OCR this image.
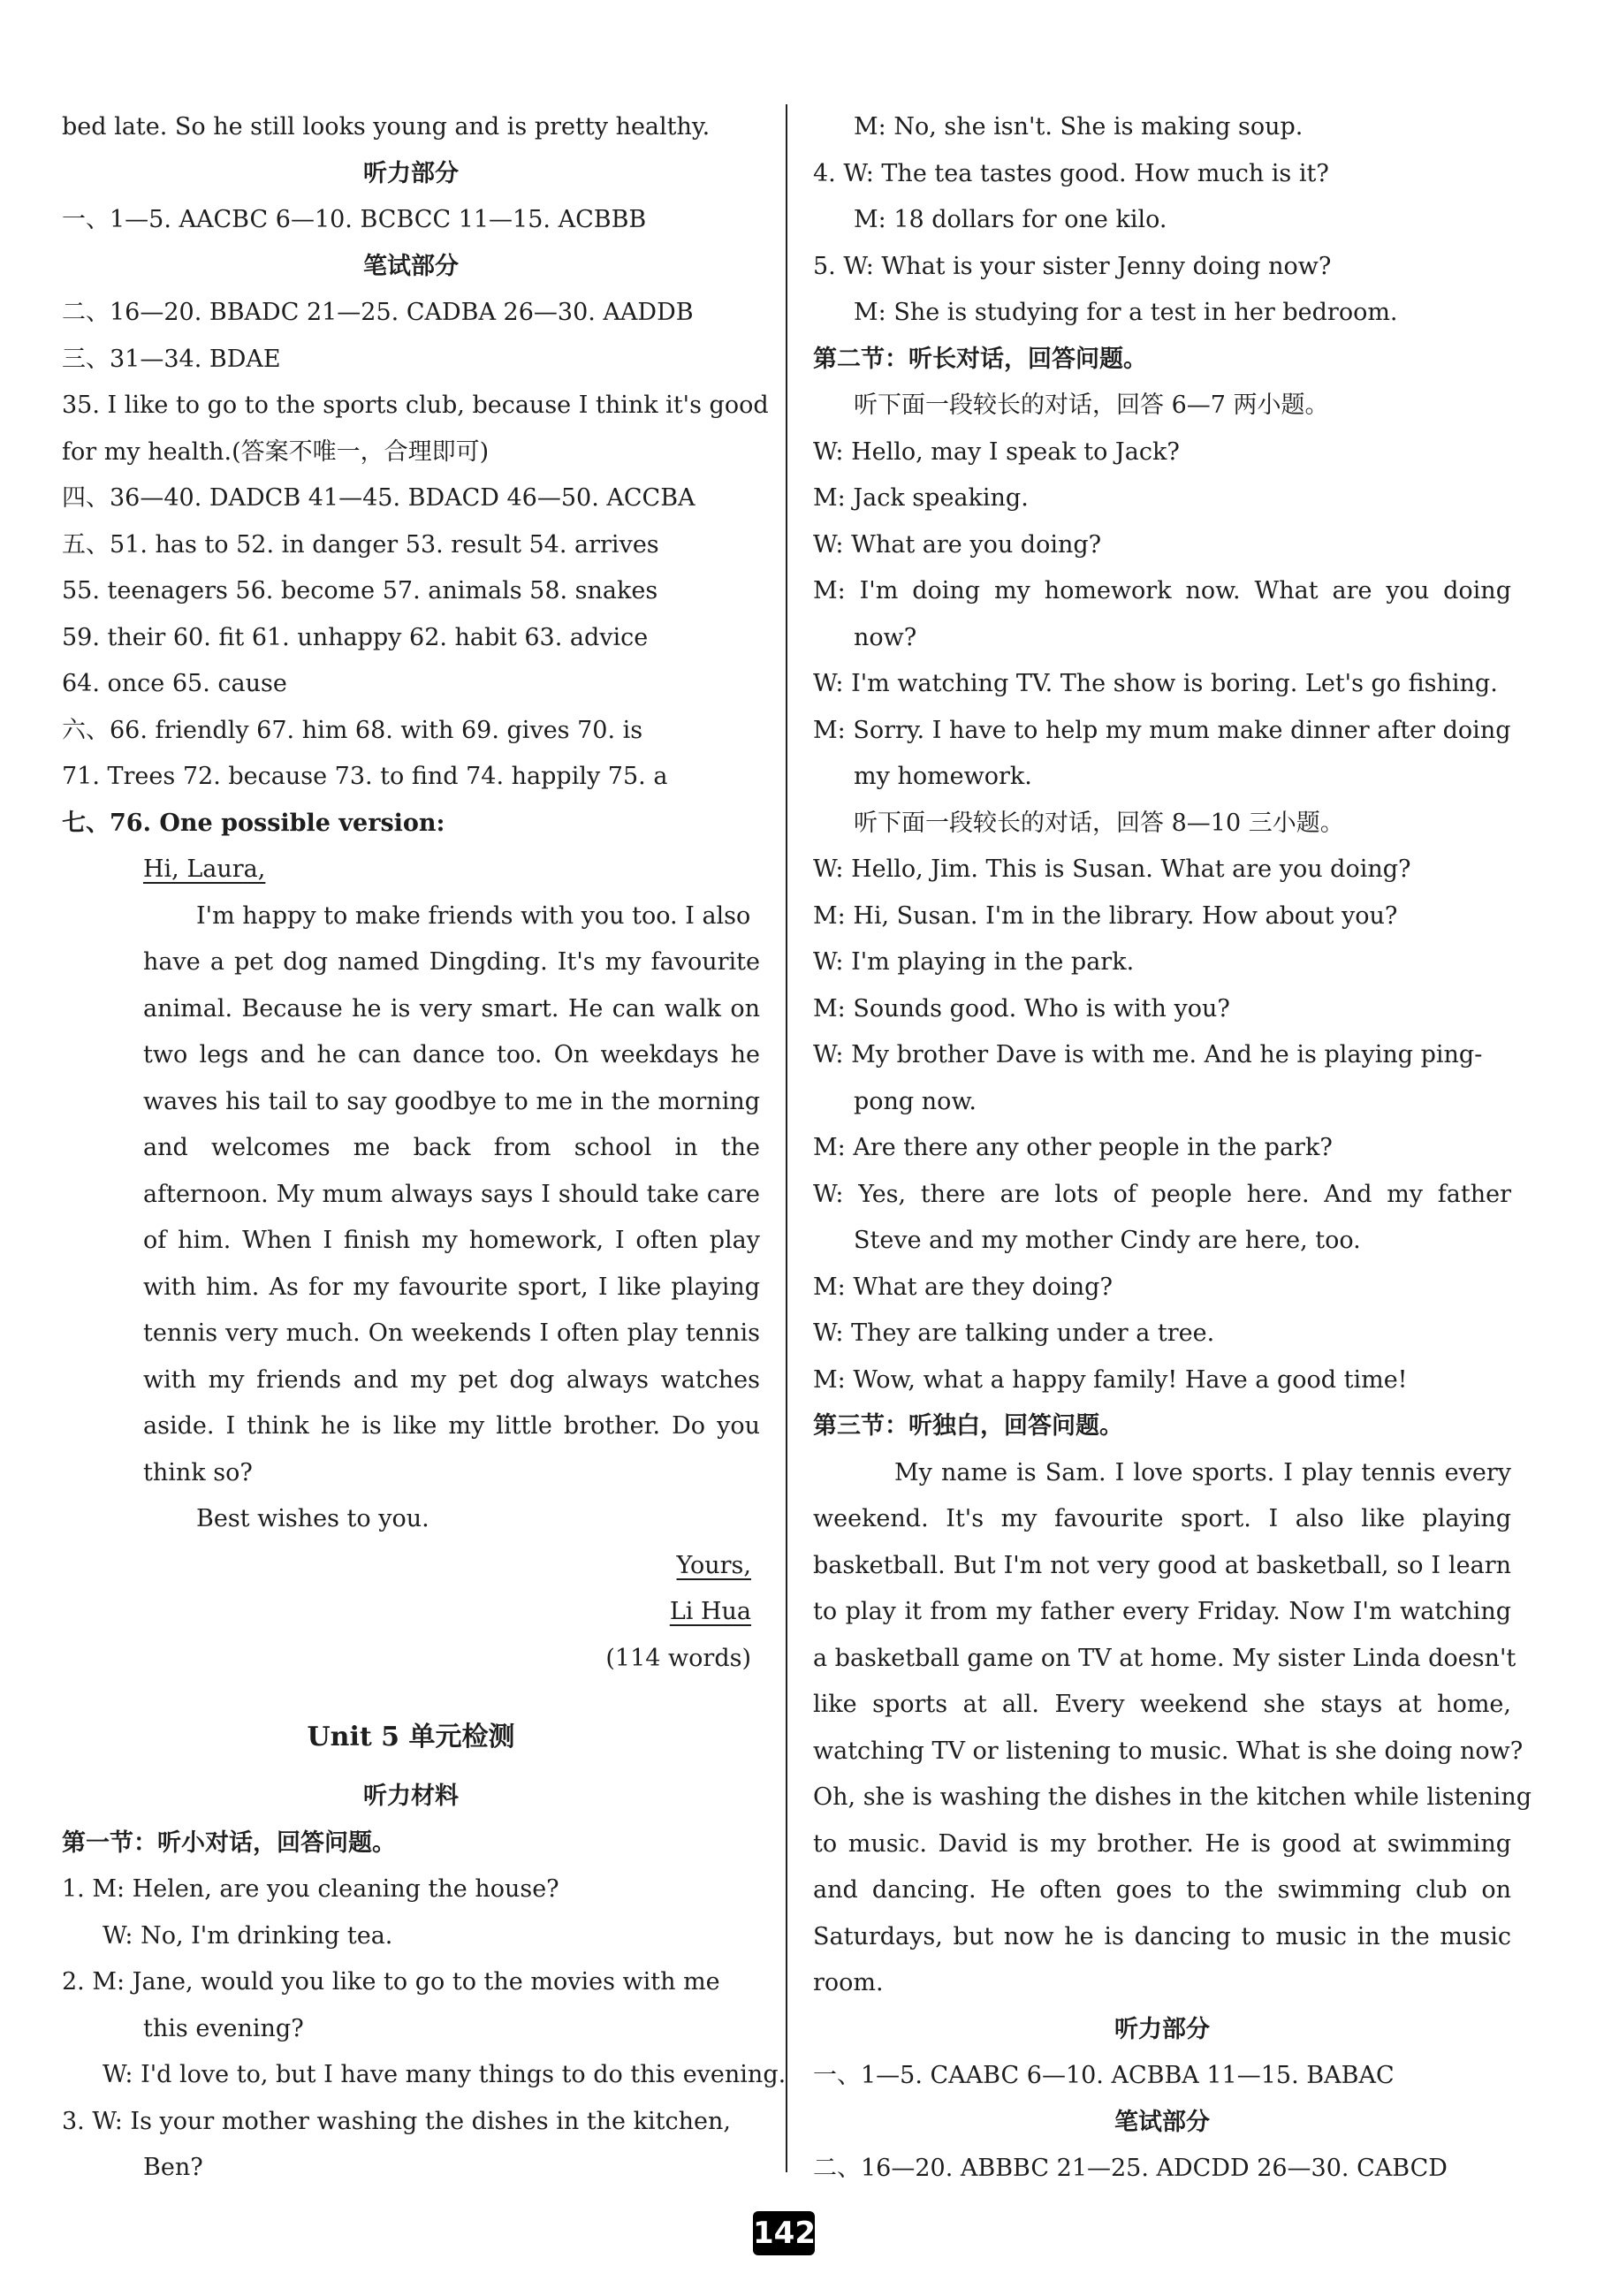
bed late. So he still looks young and is pretty healthy.
听力部分
一、1—5. AACBC 6—10. BCBCC 11—15. ACBBB
笔试部分
二、16—20. BBADC 21—25. CADBA 26—30. AADDB
三、31—34. BDAE
35. I like to go to the sports club, because I think it's good
for my health.(答案不唯一，合理即可)
四、36—40. DADCB 41—45. BDACD 46—50. ACCBA
五、51. has to 52. in danger 53. result 54. arrives
55. teenagers 56. become 57. animals 58. snakes
59. their 60. fit 61. unhappy 62. habit 63. advice
64. once 65. cause
六、66. friendly 67. him 68. with 69. gives 70. is
71. Trees 72. because 73. to find 74. happily 75. a
七、76. One possible version:
Hi, Laura,
I'm happy to make friends with you too. I also
have a pet dog named Dingding. It's my favourite
animal. Because he is very smart. He can walk on
two legs and he can dance too. On weekdays he
waves his tail to say goodbye to me in the morning
and welcomes me back from school in the
afternoon. My mum always says I should take care
of him. When I finish my homework, I often play
with him. As for my favourite sport, I like playing
tennis very much. On weekends I often play tennis
with my friends and my pet dog always watches
aside. I think he is like my little brother. Do you
think so?
Best wishes to you.
Yours,
Li Hua
(114 words)
Unit 5 单元检测
听力材料
第一节：听小对话，回答问题。
1. M: Helen, are you cleaning the house?
W: No, I'm drinking tea.
2. M: Jane, would you like to go to the movies with me
this evening?
W: I'd love to, but I have many things to do this evening.
3. W: Is your mother washing the dishes in the kitchen,
Ben?
M: No, she isn't. She is making soup.
4. W: The tea tastes good. How much is it?
M: 18 dollars for one kilo.
5. W: What is your sister Jenny doing now?
M: She is studying for a test in her bedroom.
第二节：听长对话，回答问题。
听下面一段较长的对话，回答 6—7 两小题。
W: Hello, may I speak to Jack?
M: Jack speaking.
W: What are you doing?
M: I'm doing my homework now. What are you doing
now?
W: I'm watching TV. The show is boring. Let's go fishing.
M: Sorry. I have to help my mum make dinner after doing
my homework.
听下面一段较长的对话，回答 8—10 三小题。
W: Hello, Jim. This is Susan. What are you doing?
M: Hi, Susan. I'm in the library. How about you?
W: I'm playing in the park.
M: Sounds good. Who is with you?
W: My brother Dave is with me. And he is playing ping-
pong now.
M: Are there any other people in the park?
W: Yes, there are lots of people here. And my father
Steve and my mother Cindy are here, too.
M: What are they doing?
W: They are talking under a tree.
M: Wow, what a happy family! Have a good time!
第三节：听独白，回答问题。
My name is Sam. I love sports. I play tennis every
weekend. It's my favourite sport. I also like playing
basketball. But I'm not very good at basketball, so I learn
to play it from my father every Friday. Now I'm watching
a basketball game on TV at home. My sister Linda doesn't
like sports at all. Every weekend she stays at home,
watching TV or listening to music. What is she doing now?
Oh, she is washing the dishes in the kitchen while listening
to music. David is my brother. He is good at swimming
and dancing. He often goes to the swimming club on
Saturdays, but now he is dancing to music in the music
room.
听力部分
一、1—5. CAABC 6—10. ACBBA 11—15. BABAC
笔试部分
二、16—20. ABBBC 21—25. ADCDD 26—30. CABCD
142
